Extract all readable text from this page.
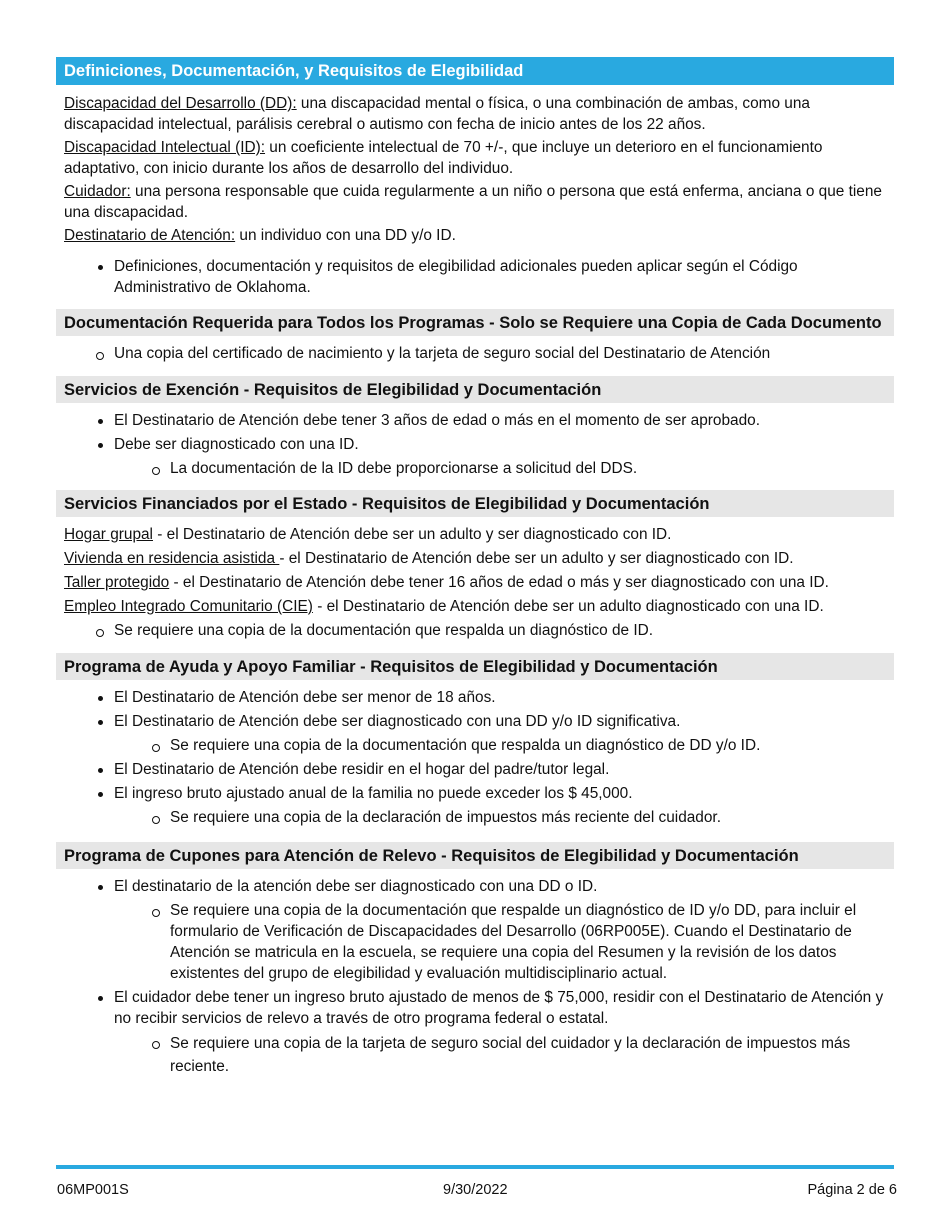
Definiciones, Documentación, y Requisitos de Elegibilidad
Discapacidad del Desarrollo (DD): una discapacidad mental o física, o una combinación de ambas, como una discapacidad intelectual, parálisis cerebral o autismo con fecha de inicio antes de los 22 años.
Discapacidad Intelectual (ID): un coeficiente intelectual de 70 +/-, que incluye un deterioro en el funcionamiento adaptativo, con inicio durante los años de desarrollo del individuo.
Cuidador: una persona responsable que cuida regularmente a un niño o persona que está enferma, anciana o que tiene una discapacidad.
Destinatario de Atención: un individuo con una DD y/o ID.
Definiciones, documentación y requisitos de elegibilidad adicionales pueden aplicar según el Código Administrativo de Oklahoma.
Documentación Requerida para Todos los Programas - Solo se Requiere una Copia de Cada Documento
Una copia del certificado de nacimiento y la tarjeta de seguro social del Destinatario de Atención
Servicios de Exención - Requisitos de Elegibilidad y Documentación
El Destinatario de Atención debe tener 3 años de edad o más en el momento de ser aprobado.
Debe ser diagnosticado con una ID.
La documentación de la ID debe proporcionarse a solicitud del DDS.
Servicios Financiados por el Estado - Requisitos de Elegibilidad y Documentación
Hogar grupal - el Destinatario de Atención debe ser un adulto y ser diagnosticado con ID.
Vivienda en residencia asistida - el Destinatario de Atención debe ser un adulto y ser diagnosticado con ID.
Taller protegido - el Destinatario de Atención debe tener 16 años de edad o más y ser diagnosticado con una ID.
Empleo Integrado Comunitario (CIE) - el Destinatario de Atención debe ser un adulto diagnosticado con una ID.
Se requiere una copia de la documentación que respalda un diagnóstico de ID.
Programa de Ayuda y Apoyo Familiar - Requisitos de Elegibilidad y Documentación
El Destinatario de Atención debe ser menor de 18 años.
El Destinatario de Atención debe ser diagnosticado con una DD y/o ID significativa.
Se requiere una copia de la documentación que respalda un diagnóstico de DD y/o ID.
El Destinatario de Atención debe residir en el hogar del padre/tutor legal.
El ingreso bruto ajustado anual de la familia no puede exceder los $ 45,000.
Se requiere una copia de la declaración de impuestos más reciente del cuidador.
Programa de Cupones para Atención de Relevo - Requisitos de Elegibilidad y Documentación
El destinatario de la atención debe ser diagnosticado con una DD o ID.
Se requiere una copia de la documentación que respalde un diagnóstico de ID y/o DD, para incluir el formulario de Verificación de Discapacidades del Desarrollo (06RP005E). Cuando el Destinatario de Atención se matricula en la escuela, se requiere una copia del Resumen y la revisión de los datos existentes del grupo de elegibilidad y evaluación multidisciplinario actual.
El cuidador debe tener un ingreso bruto ajustado de menos de $ 75,000, residir con el Destinatario de Atención y no recibir servicios de relevo a través de otro programa federal o estatal.
Se requiere una copia de la tarjeta de seguro social del cuidador y la declaración de impuestos más reciente.
06MP001S	9/30/2022	Página 2 de 6
